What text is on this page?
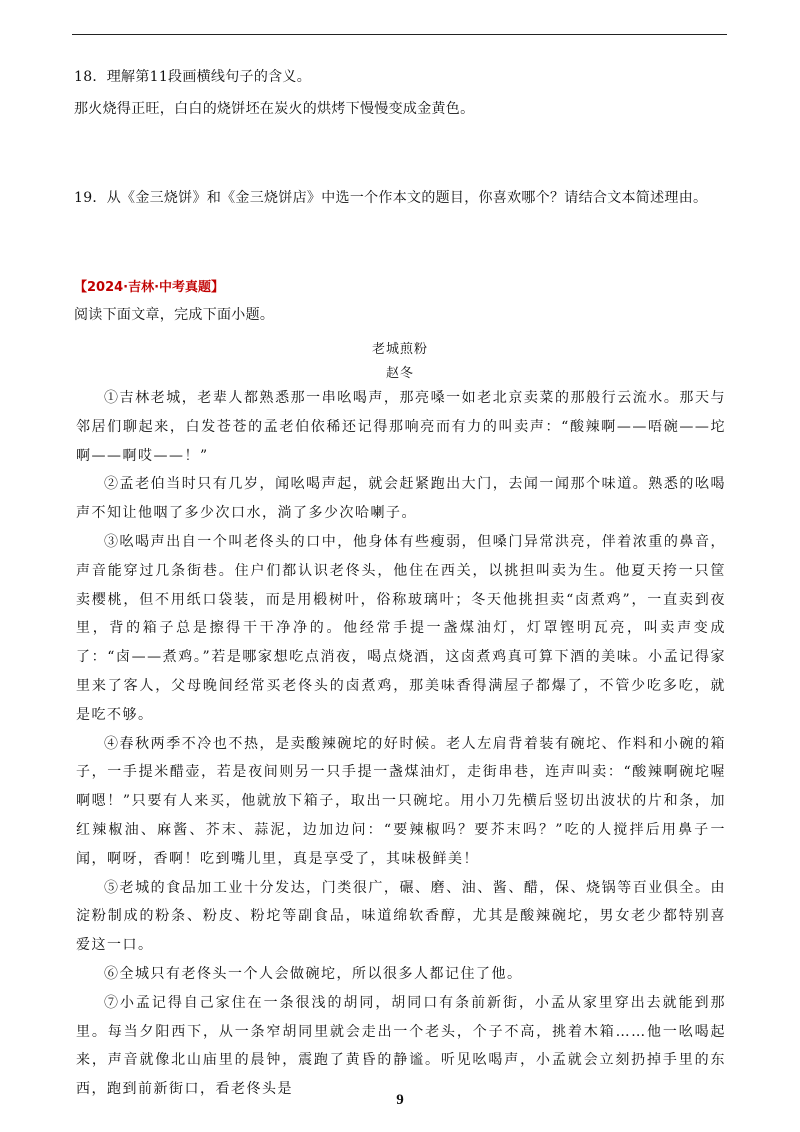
18．理解第11段画横线句子的含义。
那火烧得正旺，白白的烧饼坯在炭火的烘烤下慢慢变成金黄色。
19．从《金三烧饼》和《金三烧饼店》中选一个作本文的题目，你喜欢哪个？请结合文本简述理由。
【2024·吉林·中考真题】
阅读下面文章，完成下面小题。
老城煎粉
赵冬

①吉林老城，老辈人都熟悉那一串吆喝声，那亮嗓一如老北京卖菜的那般行云流水。那天与邻居们聊起来，白发苍苍的孟老伯依稀还记得那响亮而有力的叫卖声：“酸辣啊——唔碗——坨啊——啊哎——！”

②孟老伯当时只有几岁，闻吆喝声起，就会赶紧跑出大门，去闻一闻那个味道。熟悉的吆喝声不知让他咽了多少次口水，淌了多少次哈喇子。

③吆喝声出自一个叫老佟头的口中，他身体有些瘦弱，但嗓门异常洪亮，伴着浓重的鼻音，声音能穿过几条街巷。住户们都认识老佟头，他住在西关，以挑担叫卖为生。他夏天挎一只筐卖樱桃，但不用纸口袋装，而是用椴树叶，俗称玻璃叶；冬天他挑担卖“卤煮鸡”，一直卖到夜里，背的箱子总是擦得干干净净的。他经常手提一盏煤油灯，灯罩铿明瓦亮，叫卖声变成了：“卤——煮鸡。”若是哪家想吃点消夜，喝点烧酒，这卤煮鸡真可算下酒的美味。小孟记得家里来了客人，父母晚间经常买老佟头的卤煮鸡，那美味香得满屋子都爆了，不管少吃多吃，就是吃不够。

④春秋两季不冷也不热，是卖酸辣碗坨的好时候。老人左肩背着装有碗坨、作料和小碗的箱子，一手提米醋壶，若是夜间则另一只手提一盏煤油灯，走街串巷，连声叫卖：“酸辣啊碗坨喔啊嗯！”只要有人来买，他就放下箱子，取出一只碗坨。用小刀先横后竖切出波状的片和条，加红辣椒油、麻酱、芥末、蒜泥，边加边问：“要辣椒吗？要芥末吗？”吃的人搅拌后用鼻子一闻，啊呀，香啊！吃到嘴儿里，真是享受了，其味极鲜美！

⑤老城的食品加工业十分发达，门类很广，碾、磨、油、酱、醋，保、烧锅等百业俱全。由淀粉制成的粉条、粉皮、粉坨等副食品，味道绵软香醇，尤其是酸辣碗坨，男女老少都特别喜爱这一口。

⑥全城只有老佟头一个人会做碗坨，所以很多人都记住了他。

⑦小孟记得自己家住在一条很浅的胡同，胡同口有条前新街，小孟从家里穿出去就能到那里。每当夕阳西下，从一条窄胡同里就会走出一个老头，个子不高，挑着木箱……他一吆喝起来，声音就像北山庙里的晨钟，震跑了黄昏的静谧。听见吆喝声，小孟就会立刻扔掉手里的东西，跑到前新街口，看老佟头是

9
